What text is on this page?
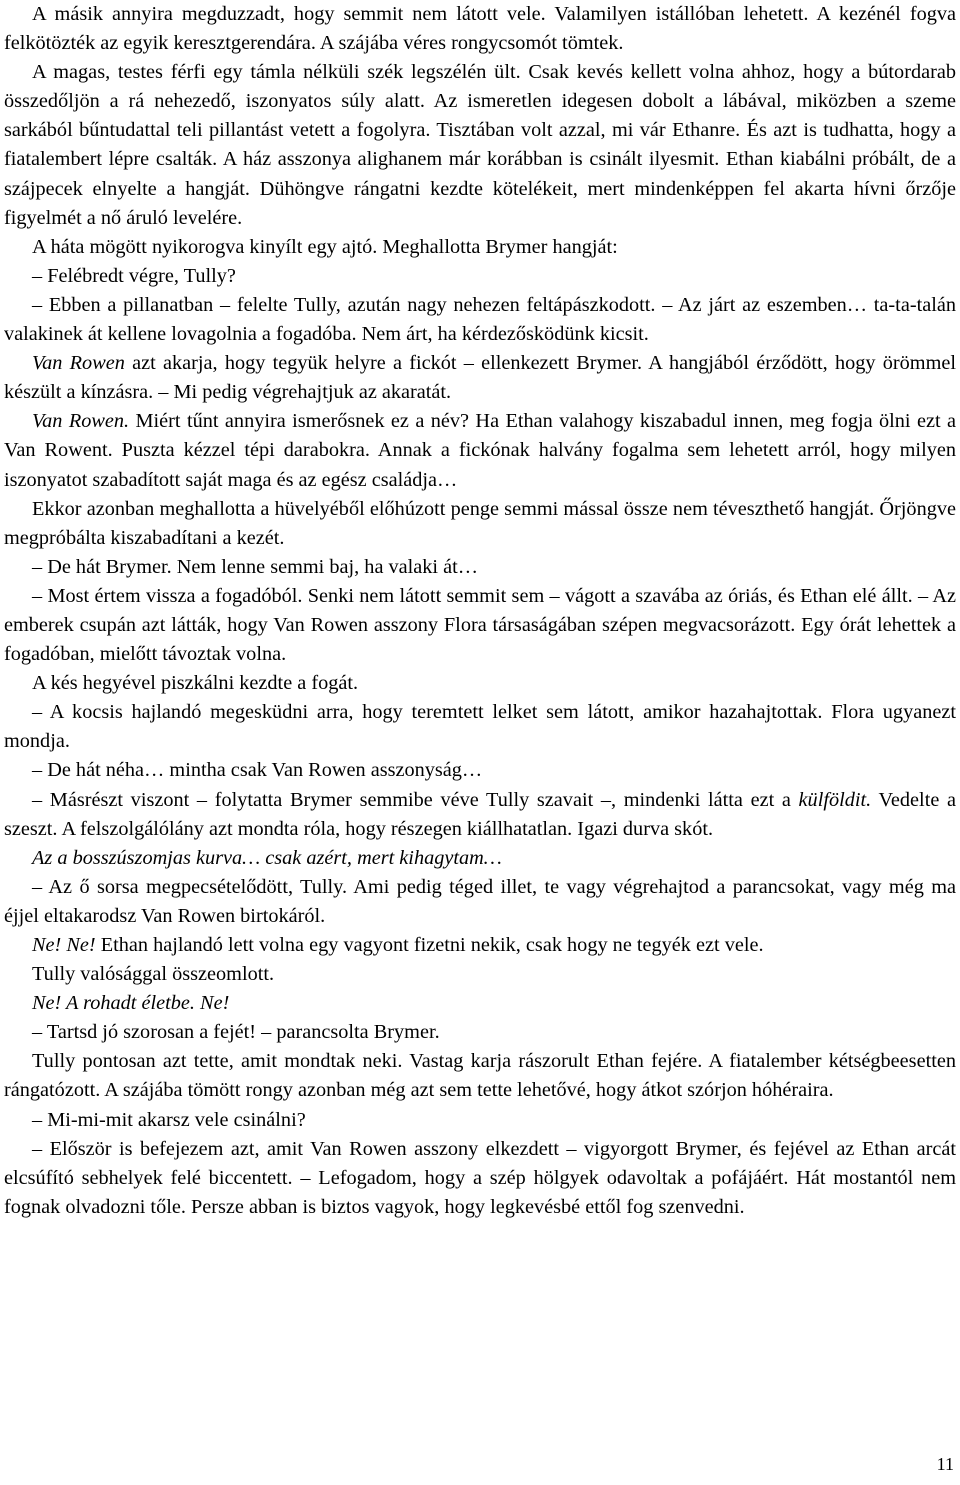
A másik annyira megduzzadt, hogy semmit nem látott vele. Valamilyen istállóban lehetett. A kezénél fogva felkötözték az egyik keresztgerendára. A szájába véres rongycsomót tömtek.

A magas, testes férfi egy támla nélküli szék legszélén ült. Csak kevés kellett volna ahhoz, hogy a bútordarab összedőljön a rá nehezedő, iszonyatos súly alatt. Az ismeretlen idegesen dobolt a lábával, miközben a szeme sarkából bűntudattal teli pillantást vetett a fogolyra. Tisztában volt azzal, mi vár Ethanre. És azt is tudhatta, hogy a fiatalembert lépre csalták. A ház asszonya alighanem már korábban is csinált ilyesmit. Ethan kiabálni próbált, de a szájpecek elnyelte a hangját. Dühöngve rángatni kezdte kötelékeit, mert mindenképpen fel akarta hívni őrzője figyelmét a nő áruló levelére.

A háta mögött nyikorogva kinyílt egy ajtó. Meghallotta Brymer hangját:

– Felébredt végre, Tully?

– Ebben a pillanatban – felelte Tully, azután nagy nehezen feltápászkodott. – Az járt az eszemben… ta-ta-talán valakinek át kellene lovagolnia a fogadóba. Nem árt, ha kérdezősködünk kicsit.

Van Rowen azt akarja, hogy tegyük helyre a fickót – ellenkezett Brymer. A hangjából érződött, hogy örömmel készült a kínzásra. – Mi pedig végrehajtjuk az akaratát.

Van Rowen. Miért tűnt annyira ismerősnek ez a név? Ha Ethan valahogy kiszabadul innen, meg fogja ölni ezt a Van Rowent. Puszta kézzel tépi darabokra. Annak a fickónak halvány fogalma sem lehetett arról, hogy milyen iszonyatot szabadított saját maga és az egész családja…

Ekkor azonban meghallotta a hüvelyéből előhúzott penge semmi mással össze nem téveszthető hangját. Őrjöngve megpróbálta kiszabadítani a kezét.

– De hát Brymer. Nem lenne semmi baj, ha valaki át…

– Most értem vissza a fogadóból. Senki nem látott semmit sem – vágott a szavába az óriás, és Ethan elé állt. – Az emberek csupán azt látták, hogy Van Rowen asszony Flora társaságában szépen megvacsorázott. Egy órát lehettek a fogadóban, mielőtt távoztak volna.

A kés hegyével piszkálni kezdte a fogát.

– A kocsis hajlandó megesküdni arra, hogy teremtett lelket sem látott, amikor hazahajtottak. Flora ugyanezt mondja.

– De hát néha… mintha csak Van Rowen asszonyság…

– Másrészt viszont – folytatta Brymer semmibe véve Tully szavait –, mindenki látta ezt a külföldit. Vedelte a szeszt. A felszolgálólány azt mondta róla, hogy részegen kiállhatatlan. Igazi durva skót.

Az a bosszúszomjas kurva… csak azért, mert kihagytam…

– Az ő sorsa megpecsételődött, Tully. Ami pedig téged illet, te vagy végrehajtod a parancsokat, vagy még ma éjjel eltakarodsz Van Rowen birtokáról.

Ne! Ne! Ethan hajlandó lett volna egy vagyont fizetni nekik, csak hogy ne tegyék ezt vele.

Tully valósággal összeomlott.

Ne! A rohadt életbe. Ne!

– Tartsd jó szorosan a fejét! – parancsolta Brymer.

Tully pontosan azt tette, amit mondtak neki. Vastag karja rászorult Ethan fejére. A fiatalember kétségbeesetten rángatózott. A szájába tömött rongy azonban még azt sem tette lehetővé, hogy átkot szórjon hóhéraira.

– Mi-mi-mit akarsz vele csinálni?

– Először is befejezem azt, amit Van Rowen asszony elkezdett – vigyorgott Brymer, és fejével az Ethan arcát elcsúfító sebhelyek felé biccentett. – Lefogadom, hogy a szép hölgyek odavoltak a pofájáért. Hát mostantól nem fognak olvadozni tőle. Persze abban is biztos vagyok, hogy legkevésbé ettől fog szenvedni.

11
